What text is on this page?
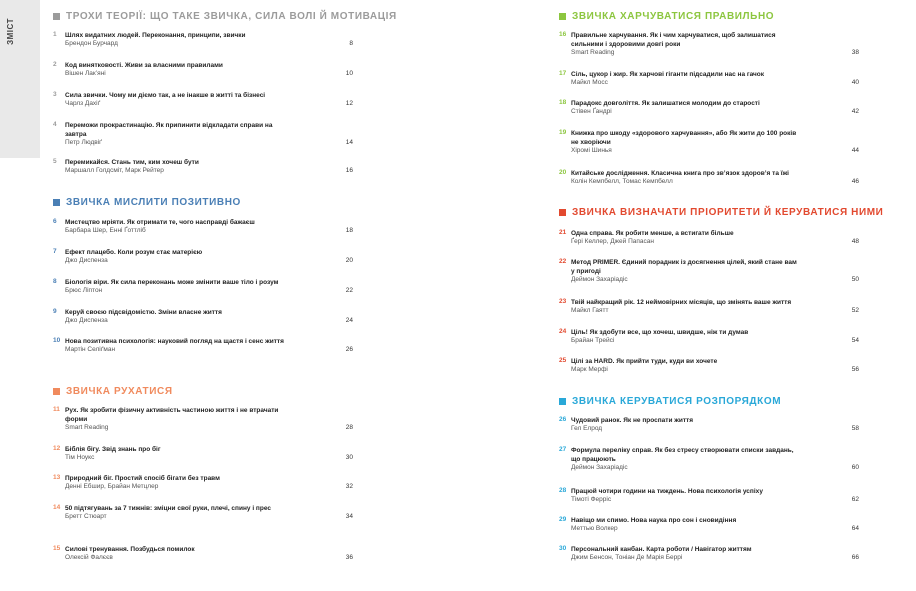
ЗМІСТ
ТРОХИ ТЕОРІЇ: ЩО ТАКЕ ЗВИЧКА, СИЛА ВОЛІ Й МОТИВАЦІЯ
1 Шлях видатних людей. Переконання, принципи, звички
Брендон Бурчард	8
2 Код винятковості. Живи за власними правилами
Вішен Лак’яні	10
3 Сила звички. Чому ми діємо так, а не інакше в житті та бізнесі
Чарлз Дахіґ	12
4 Переможи прокрастинацію. Як припинити відкладати справи на завтра
Петр Людвіґ	14
5 Перемикайся. Стань тим, ким хочеш бути
Маршалл Голдсміт, Марк Рейтер	16
ЗВИЧКА МИСЛИТИ ПОЗИТИВНО
6 Мистецтво мріяти. Як отримати те, чого насправді бажаєш
Барбара Шер, Енні Ґоттліб	18
7 Ефект плацебо. Коли розум стає матерією
Джо Диспенза	20
8 Біологія віри. Як сила переконань може змінити ваше тіло і розум
Брюс Ліптон	22
9 Керуй своєю підсвідомістю. Зміни власне життя
Джо Диспенза	24
10 Нова позитивна психологія: науковий погляд на щастя і сенс життя
Мартін Селіґман	26
ЗВИЧКА РУХАТИСЯ
11 Рух. Як зробити фізичну активність частиною життя і не втрачати форми
Smart Reading	28
12 Біблія бігу. Звід знань про біг
Тім Ноукс	30
13 Природний біг. Простий спосіб бігати без травм
Денні Ебшир, Брайан Метцлер	32
14 50 підтягувань за 7 тижнів: зміцни свої руки, плечі, спину і прес
Бретт Стюарт	34
15 Силові тренування. Позбудься помилок
Олексій Фалєєв	36
ЗВИЧКА ХАРЧУВАТИСЯ ПРАВИЛЬНО
16 Правильне харчування. Як і чим харчуватися, щоб залишатися сильними і здоровими довгі роки
Smart Reading	38
17 Сіль, цукор і жир. Як харчові гіганти підсадили нас на гачок
Майкл Мосс	40
18 Парадокс довголіття. Як залишатися молодим до старості
Стівен Ґандрі	42
19 Книжка про шкоду «здорового харчування», або Як жити до 100 років не хворіючи
Хіромі Шинья	44
20 Китайське дослідження. Класична книга про зв’язок здоров’я та їжі
Колін Кемпбелл, Томас Кемпбелл	46
ЗВИЧКА ВИЗНАЧАТИ ПРІОРИТЕТИ Й КЕРУВАТИСЯ НИМИ
21 Одна справа. Як робити менше, а встигати більше
Ґері Келлер, Джей Папасан	48
22 Метод PRIMER. Єдиний порадник із досягнення цілей, який стане вам у пригоді
Деймон Захаріадіс	50
23 Твій найкращий рік. 12 неймовірних місяців, що змінять ваше життя
Майкл Гаятт	52
24 Ціль! Як здобути все, що хочеш, швидше, ніж ти думав
Брайан Трейсі	54
25 Цілі за HARD. Як прийти туди, куди ви хочете
Марк Мерфі	56
ЗВИЧКА КЕРУВАТИСЯ РОЗПОРЯДКОМ
26 Чудовий ранок. Як не проспати життя
Гел Елрод	58
27 Формула переліку справ. Як без стресу створювати списки завдань, що працюють
Деймон Захаріадіс	60
28 Працюй чотири години на тиждень. Нова психологія успіху
Тімоті Ферріс	62
29 Навіщо ми спимо. Нова наука про сон і сновидіння
Меттью Волкер	64
30 Персональний канбан. Карта роботи / Навігатор життям
Джим Бенсон, Тоніан Де Марія Беррі	66
